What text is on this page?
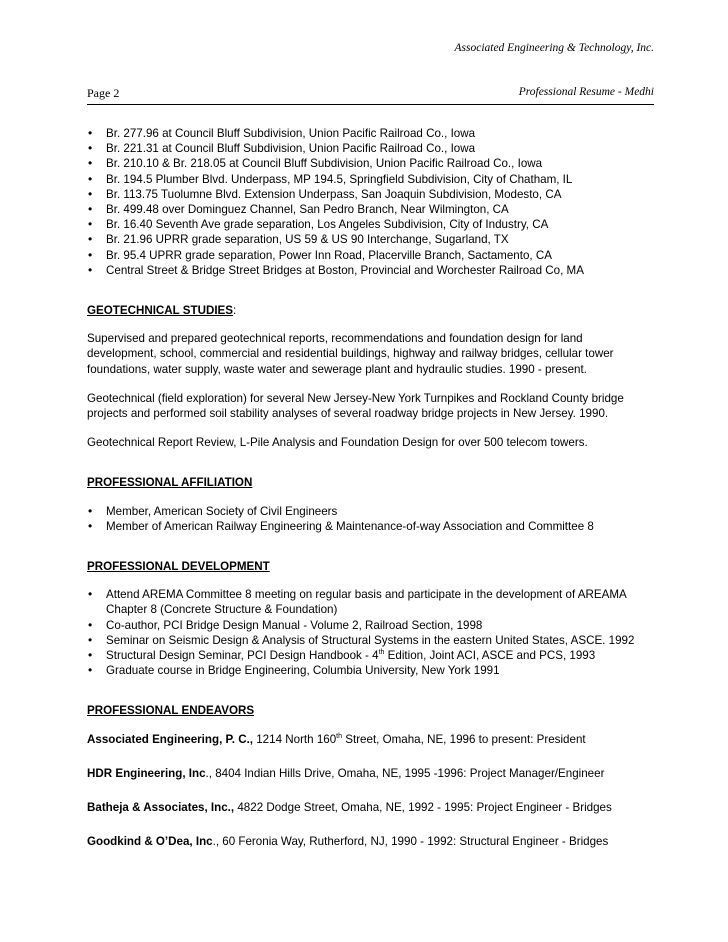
Associated Engineering & Technology, Inc.
Page 2	Professional Resume - Medhi
• Br. 277.96 at Council Bluff Subdivision, Union Pacific Railroad Co., Iowa
• Br. 221.31 at Council Bluff Subdivision, Union Pacific Railroad Co., Iowa
• Br. 210.10 & Br. 218.05 at Council Bluff Subdivision, Union Pacific Railroad Co., Iowa
• Br. 194.5 Plumber Blvd. Underpass, MP 194.5, Springfield Subdivision, City of Chatham, IL
• Br. 113.75 Tuolumne Blvd. Extension Underpass, San Joaquin Subdivision, Modesto, CA
• Br. 499.48 over Dominguez Channel, San Pedro Branch, Near Wilmington, CA
• Br. 16.40 Seventh Ave grade separation, Los Angeles Subdivision, City of Industry, CA
• Br. 21.96 UPRR grade separation, US 59 & US 90 Interchange, Sugarland, TX
• Br. 95.4 UPRR grade separation, Power Inn Road, Placerville Branch, Sactamento, CA
• Central Street & Bridge Street Bridges at Boston, Provincial and Worchester Railroad Co, MA
GEOTECHNICAL STUDIES:

Supervised and prepared geotechnical reports, recommendations and foundation design for land development, school, commercial and residential buildings, highway and railway bridges, cellular tower foundations, water supply, waste water and sewerage plant and hydraulic studies. 1990 - present.

Geotechnical (field exploration) for several New Jersey-New York Turnpikes and Rockland County bridge projects and performed soil stability analyses of several roadway bridge projects in New Jersey. 1990.

Geotechnical Report Review, L-Pile Analysis and Foundation Design for over 500 telecom towers.

PROFESSIONAL AFFILIATION
• Member, American Society of Civil Engineers
• Member of American Railway Engineering & Maintenance-of-way Association and Committee 8
PROFESSIONAL DEVELOPMENT
• Attend AREMA Committee 8 meeting on regular basis and participate in the development of AREAMA Chapter 8 (Concrete Structure & Foundation)
• Co-author, PCI Bridge Design Manual - Volume 2, Railroad Section, 1998
• Seminar on Seismic Design & Analysis of Structural Systems in the eastern United States, ASCE. 1992
• Structural Design Seminar, PCI Design Handbook - 4th Edition, Joint ACI, ASCE and PCS, 1993
• Graduate course in Bridge Engineering, Columbia University, New York 1991
PROFESSIONAL ENDEAVORS

Associated Engineering, P. C., 1214 North 160th Street, Omaha, NE, 1996 to present: President

HDR Engineering, Inc., 8404 Indian Hills Drive, Omaha, NE, 1995 -1996: Project Manager/Engineer

Batheja & Associates, Inc., 4822 Dodge Street, Omaha, NE, 1992 - 1995: Project Engineer - Bridges

Goodkind & O’Dea, Inc., 60 Feronia Way, Rutherford, NJ, 1990 - 1992: Structural Engineer - Bridges
